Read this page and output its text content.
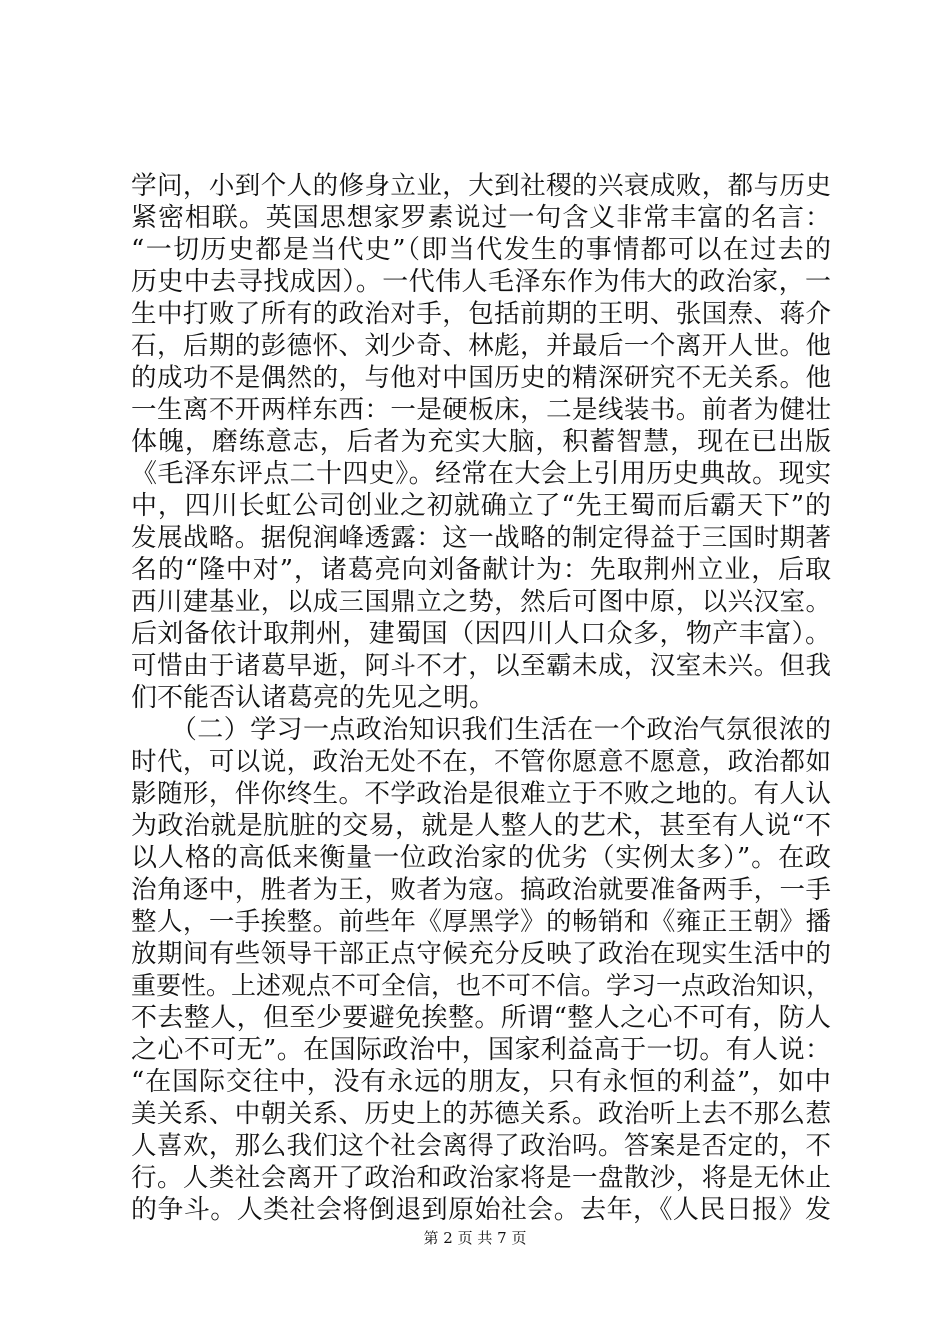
学问，小到个人的修身立业，大到社稷的兴衰成败，都与历史
紧密相联。英国思想家罗素说过一句含义非常丰富的名言：
“一切历史都是当代史”（即当代发生的事情都可以在过去的
历史中去寻找成因）。一代伟人毛泽东作为伟大的政治家，一
生中打败了所有的政治对手，包括前期的王明、张国焘、蒋介
石，后期的彭德怀、刘少奇、林彪，并最后一个离开人世。他
的成功不是偶然的，与他对中国历史的精深研究不无关系。他
一生离不开两样东西：一是硬板床，二是线装书。前者为健壮
体魄，磨练意志，后者为充实大脑，积蓄智慧，现在已出版
《毛泽东评点二十四史》。经常在大会上引用历史典故。现实
中，四川长虹公司创业之初就确立了“先王蜀而后霸天下”的
发展战略。据倪润峰透露：这一战略的制定得益于三国时期著
名的“隆中对”，诸葛亮向刘备献计为：先取荆州立业，后取
西川建基业，以成三国鼎立之势，然后可图中原，以兴汉室。
后刘备依计取荆州，建蜀国（因四川人口众多，物产丰富）。
可惜由于诸葛早逝，阿斗不才，以至霸未成，汉室未兴。但我
们不能否认诸葛亮的先见之明。
　　（二）学习一点政治知识我们生活在一个政治气氛很浓的
时代，可以说，政治无处不在，不管你愿意不愿意，政治都如
影随形，伴你终生。不学政治是很难立于不败之地的。有人认
为政治就是肮脏的交易，就是人整人的艺术，甚至有人说“不
以人格的高低来衡量一位政治家的优劣（实例太多）”。在政
治角逐中，胜者为王，败者为寇。搞政治就要准备两手，一手
整人，一手挨整。前些年《厚黑学》的畅销和《雍正王朝》播
放期间有些领导干部正点守候充分反映了政治在现实生活中的
重要性。上述观点不可全信，也不可不信。学习一点政治知识，
不去整人，但至少要避免挨整。所谓“整人之心不可有，防人
之心不可无”。在国际政治中，国家利益高于一切。有人说：
“在国际交往中，没有永远的朋友，只有永恒的利益”，如中
美关系、中朝关系、历史上的苏德关系。政治听上去不那么惹
人喜欢，那么我们这个社会离得了政治吗。答案是否定的，不
行。人类社会离开了政治和政治家将是一盘散沙，将是无休止
的争斗。人类社会将倒退到原始社会。去年，《人民日报》发
第 2 页 共 7 页
